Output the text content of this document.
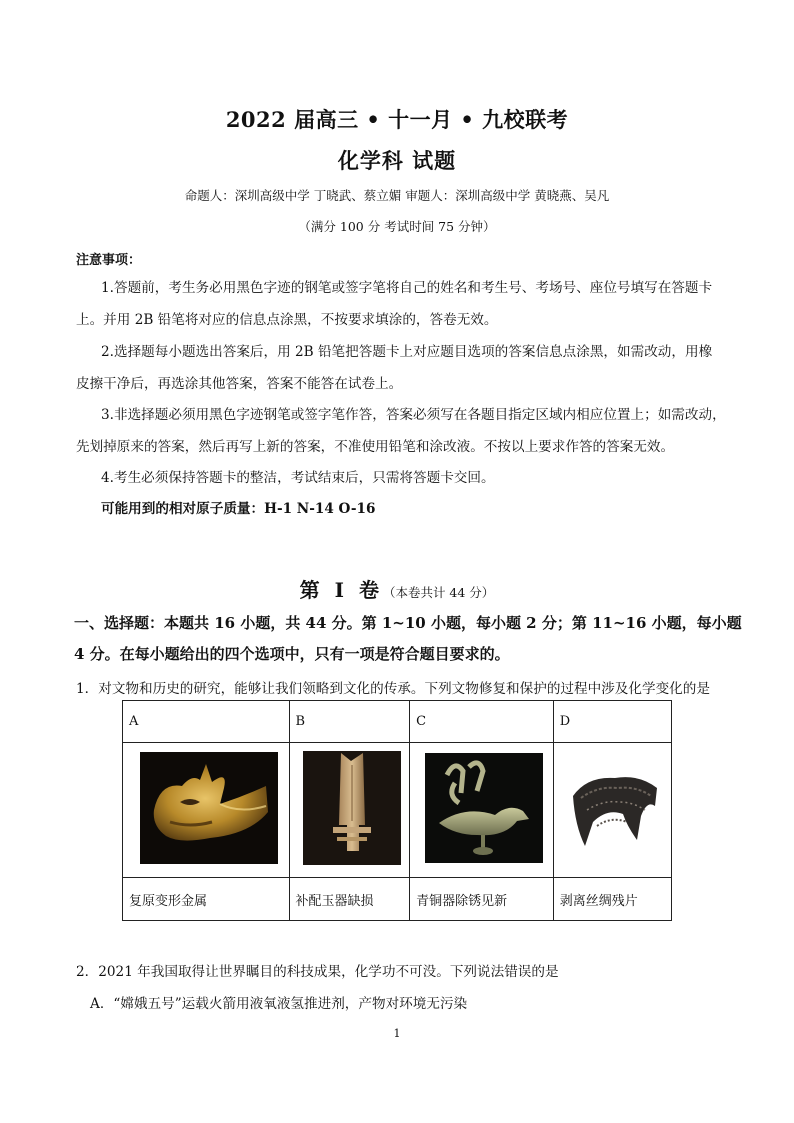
2022 届高三 • 十一月 • 九校联考
化学科 试题
命题人：深圳高级中学 丁晓武、蔡立媚 审题人：深圳高级中学 黄晓燕、吴凡
（满分 100 分 考试时间 75 分钟）
注意事项：
1.答题前，考生务必用黑色字迹的钢笔或签字笔将自己的姓名和考生号、考场号、座位号填写在答题卡
上。并用 2B 铅笔将对应的信息点涂黑，不按要求填涂的，答卷无效。
2.选择题每小题选出答案后，用 2B 铅笔把答题卡上对应题目选项的答案信息点涂黑，如需改动，用橡
皮擦干净后，再选涂其他答案，答案不能答在试卷上。
3.非选择题必须用黑色字迹钢笔或签字笔作答，答案必须写在各题目指定区域内相应位置上；如需改动，
先划掉原来的答案，然后再写上新的答案，不准使用铅笔和涂改液。不按以上要求作答的答案无效。
4.考生必须保持答题卡的整洁，考试结束后，只需将答题卡交回。
可能用到的相对原子质量：H-1 N-14 O-16
第 Ⅰ 卷（本卷共计 44 分）
一、选择题：本题共 16 小题，共 44 分。第 1~10 小题，每小题 2 分；第 11~16 小题，每小题
4 分。在每小题给出的四个选项中，只有一项是符合题目要求的。
1．对文物和历史的研究，能够让我们领略到文化的传承。下列文物修复和保护的过程中涉及化学变化的是
A	B	C	D

复原变形金属	补配玉器缺损	青铜器除锈见新	剥离丝绸残片
2．2021 年我国取得让世界瞩目的科技成果，化学功不可没。下列说法错误的是
A．“嫦娥五号”运载火箭用液氧液氢推进剂，产物对环境无污染
1
